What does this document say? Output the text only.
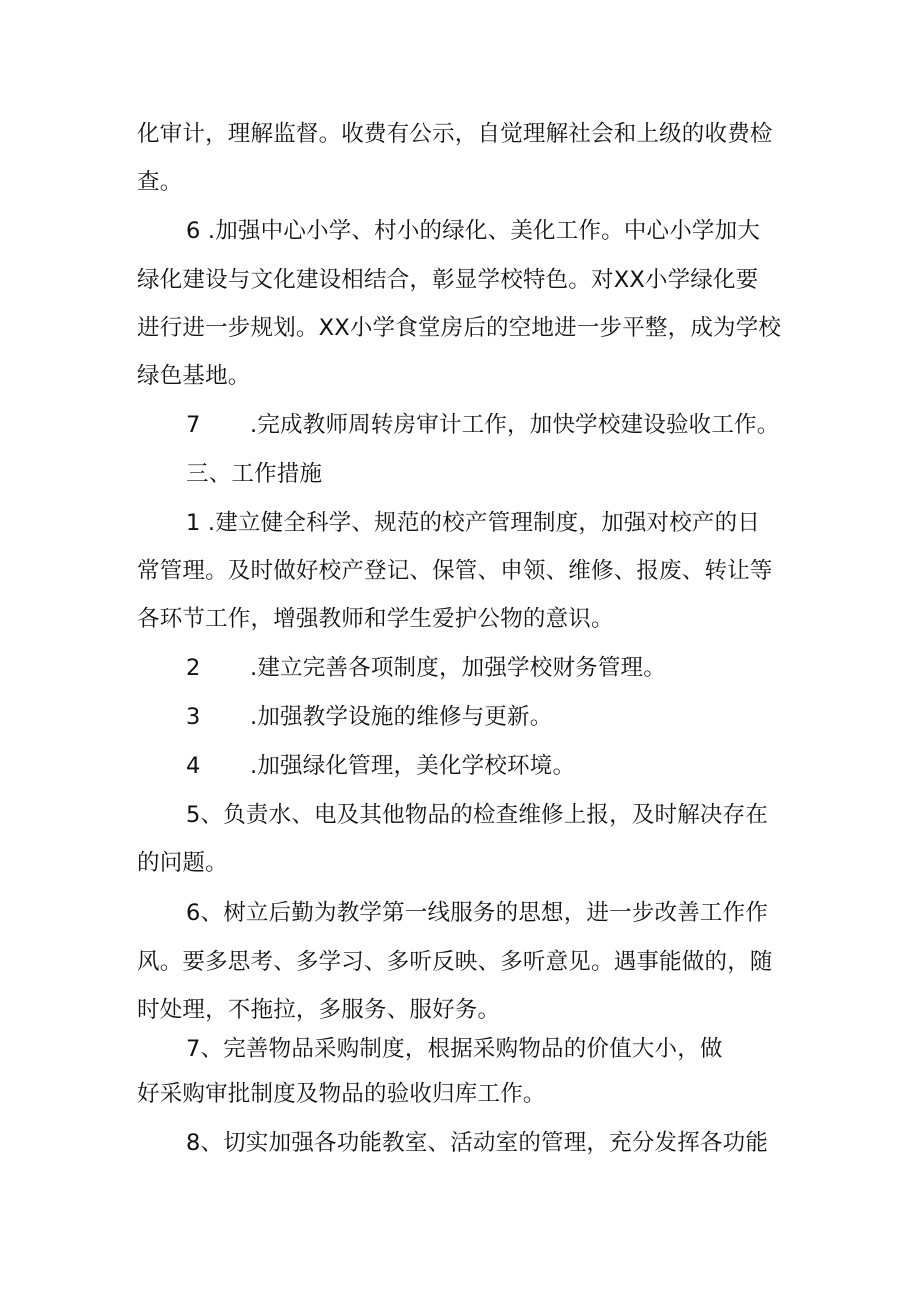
化审计，理解监督。收费有公示，自觉理解社会和上级的收费检
查。
6 .加强中心小学、村小的绿化、美化工作。中心小学加大
绿化建设与文化建设相结合，彰显学校特色。对XX小学绿化要
进行进一步规划。XX小学食堂房后的空地进一步平整，成为学校
绿色基地。
7 .完成教师周转房审计工作，加快学校建设验收工作。
三、工作措施
1 .建立健全科学、规范的校产管理制度，加强对校产的日
常管理。及时做好校产登记、保管、申领、维修、报废、转让等
各环节工作，增强教师和学生爱护公物的意识。
2 .建立完善各项制度，加强学校财务管理。
3 .加强教学设施的维修与更新。
4 .加强绿化管理，美化学校环境。
5、负责水、电及其他物品的检查维修上报，及时解决存在
的问题。
6、树立后勤为教学第一线服务的思想，进一步改善工作作
风。要多思考、多学习、多听反映、多听意见。遇事能做的，随
时处理，不拖拉，多服务、服好务。
7、完善物品采购制度，根据采购物品的价值大小，做
好采购审批制度及物品的验收归库工作。
8、切实加强各功能教室、活动室的管理，充分发挥各功能
